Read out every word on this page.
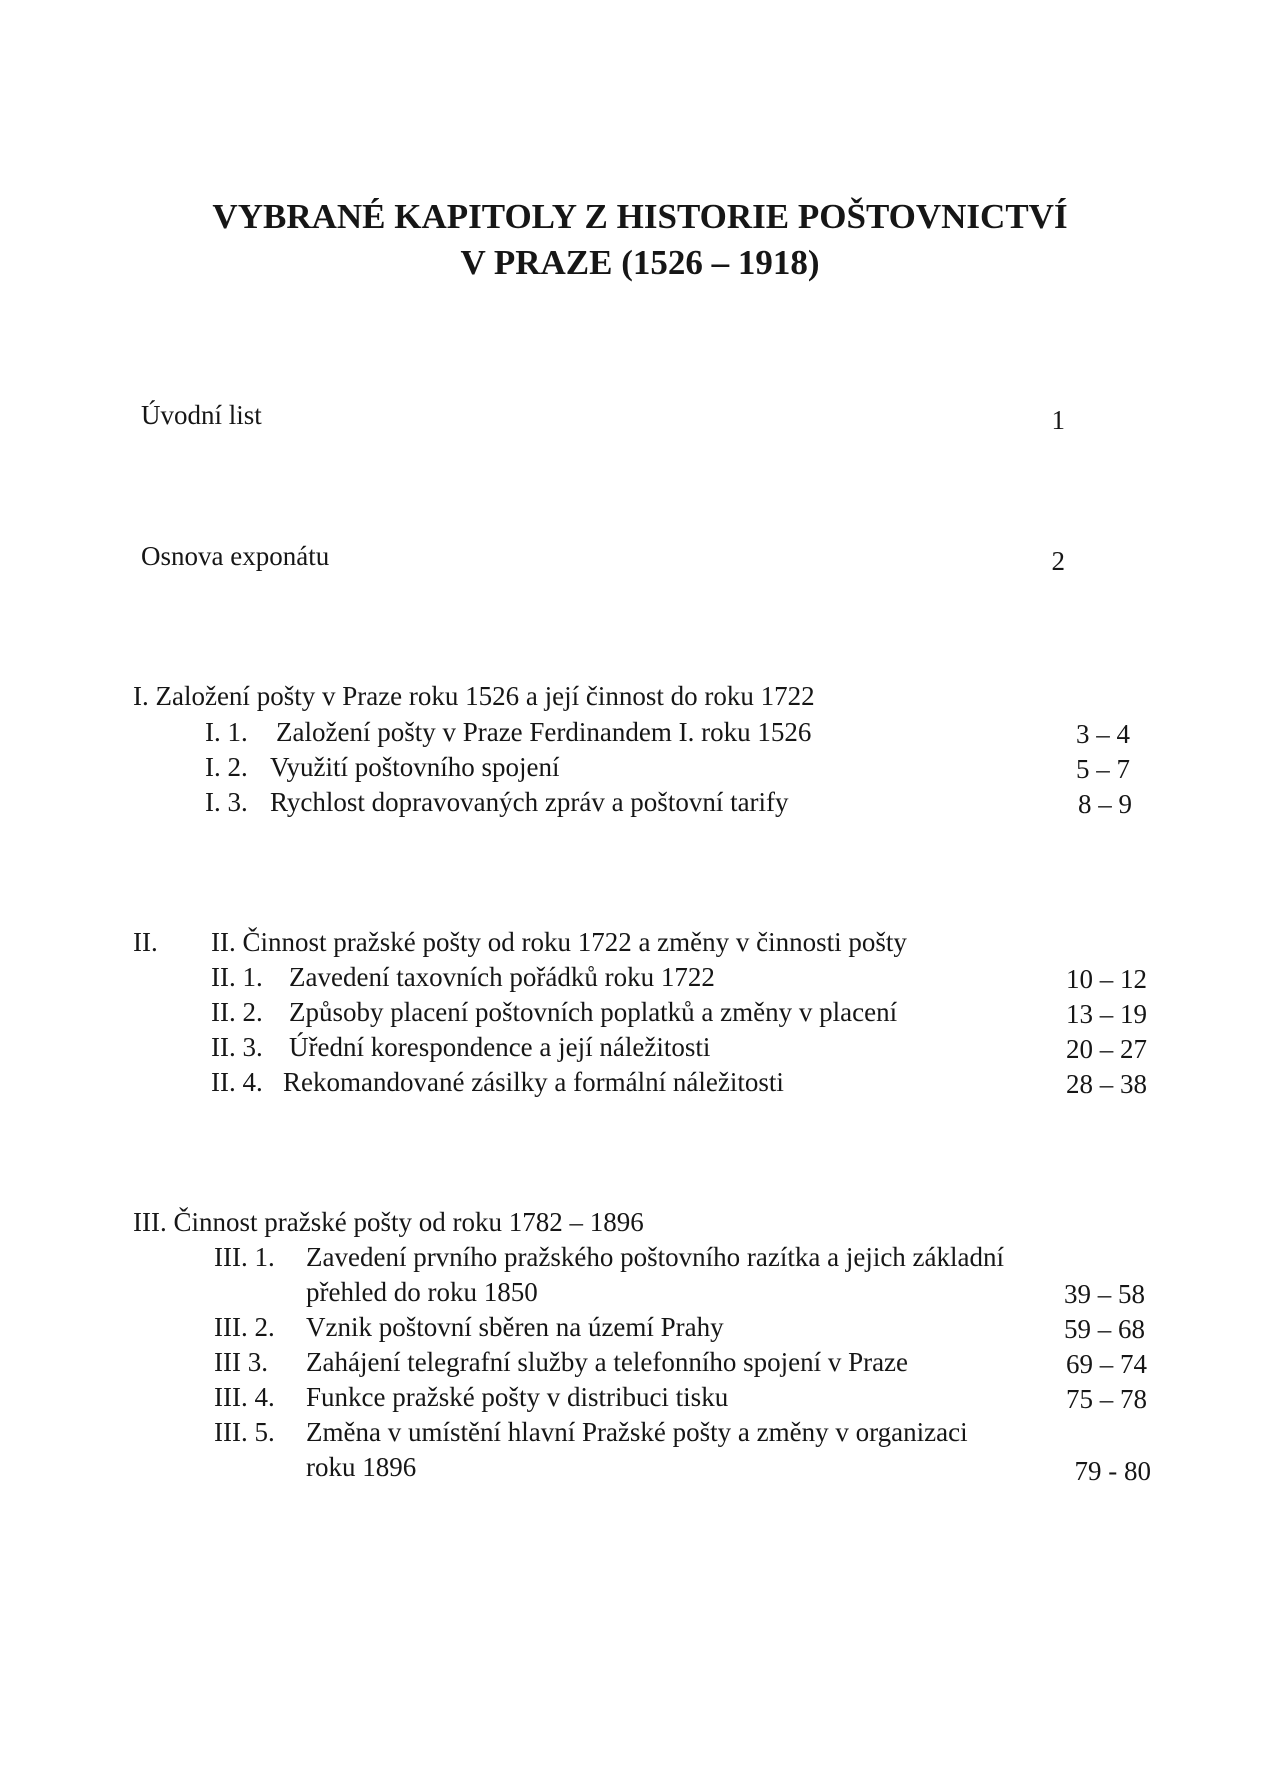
VYBRANÉ KAPITOLY Z HISTORIE POŠTOVNICTVÍ
V PRAZE (1526 – 1918)
Úvodní list	1
Osnova exponátu	2
I. Založení pošty v Praze roku 1526 a její činnost do roku 1722
I. 1. Založení pošty v Praze Ferdinandem I. roku 1526	3 – 4
I. 2. Využití poštovního spojení	5 – 7
I. 3. Rychlost dopravovaných zpráv a poštovní tarify	8 – 9
II. II. Činnost pražské pošty od roku 1722 a změny v činnosti pošty
II. 1. Zavedení taxovních pořádků roku 1722	10 – 12
II. 2. Způsoby placení poštovních poplatků a změny v placení	13 – 19
II. 3. Úřední korespondence a její náležitosti	20 – 27
II. 4. Rekomandované zásilky a formální náležitosti	28 – 38
III. Činnost pražské pošty od roku 1782 – 1896
III. 1. Zavedení prvního pražského poštovního razítka a jejich základní
přehled do roku 1850	39 – 58
III. 2. Vznik poštovní sběren na území Prahy	59 – 68
III 3. Zahájení telegrafní služby a telefonního spojení v Praze	69 – 74
III. 4. Funkce pražské pošty v distribuci tisku	75 – 78
III. 5. Změna v umístění hlavní Pražské pošty a změny v organizaci
roku 1896	79 - 80
